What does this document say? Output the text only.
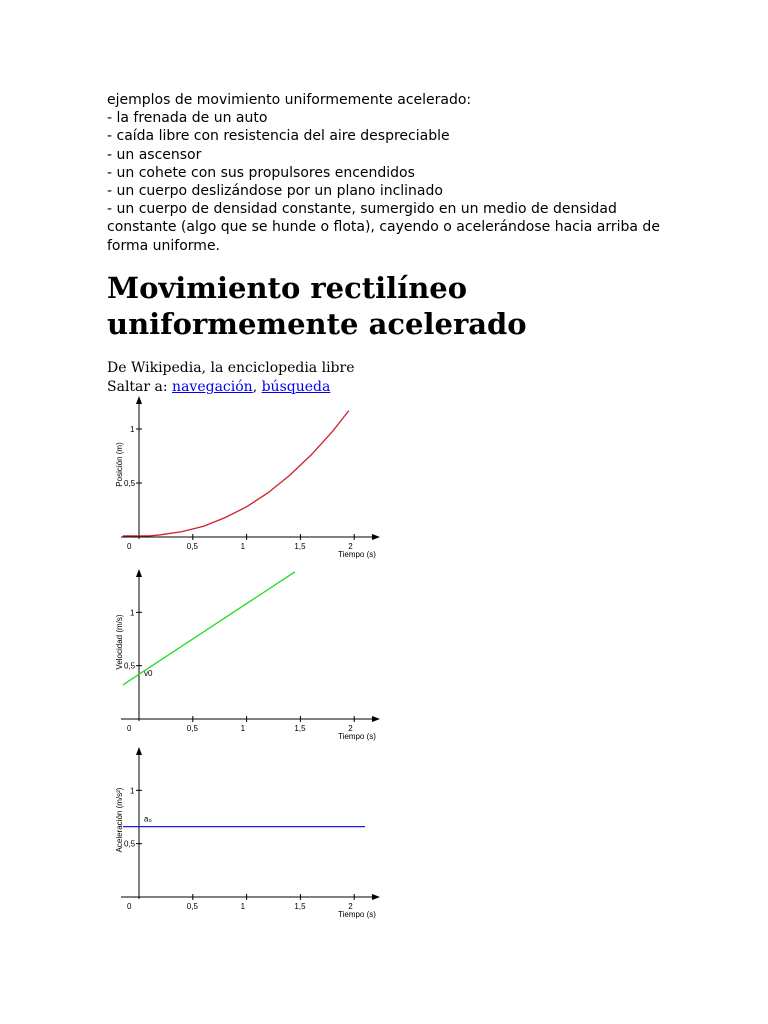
ejemplos de movimiento uniformemente acelerado:

- la frenada de un auto

- caída libre con resistencia del aire despreciable

- un ascensor

- un cohete con sus propulsores encendidos

- un cuerpo deslizándose por un plano inclinado

- un cuerpo de densidad constante, sumergido en un medio de densidad constante (algo que se hunde o flota), cayendo o acelerándose hacia arriba de forma uniforme.

Movimiento rectilíneo uniformemente acelerado

De Wikipedia, la enciclopedia libre

Saltar a: navegación, búsqueda

0	0,5	1	1,5	2
0,5
1
Tiempo (s)
Posición (m)
0	0,5	1	1,5	2
0,5
1
Tiempo (s)
Velocidad (m/s)
v0
0	0,5	1	1,5	2
0,5
1
Tiempo (s)
Aceleración (m/s²)	a₀
